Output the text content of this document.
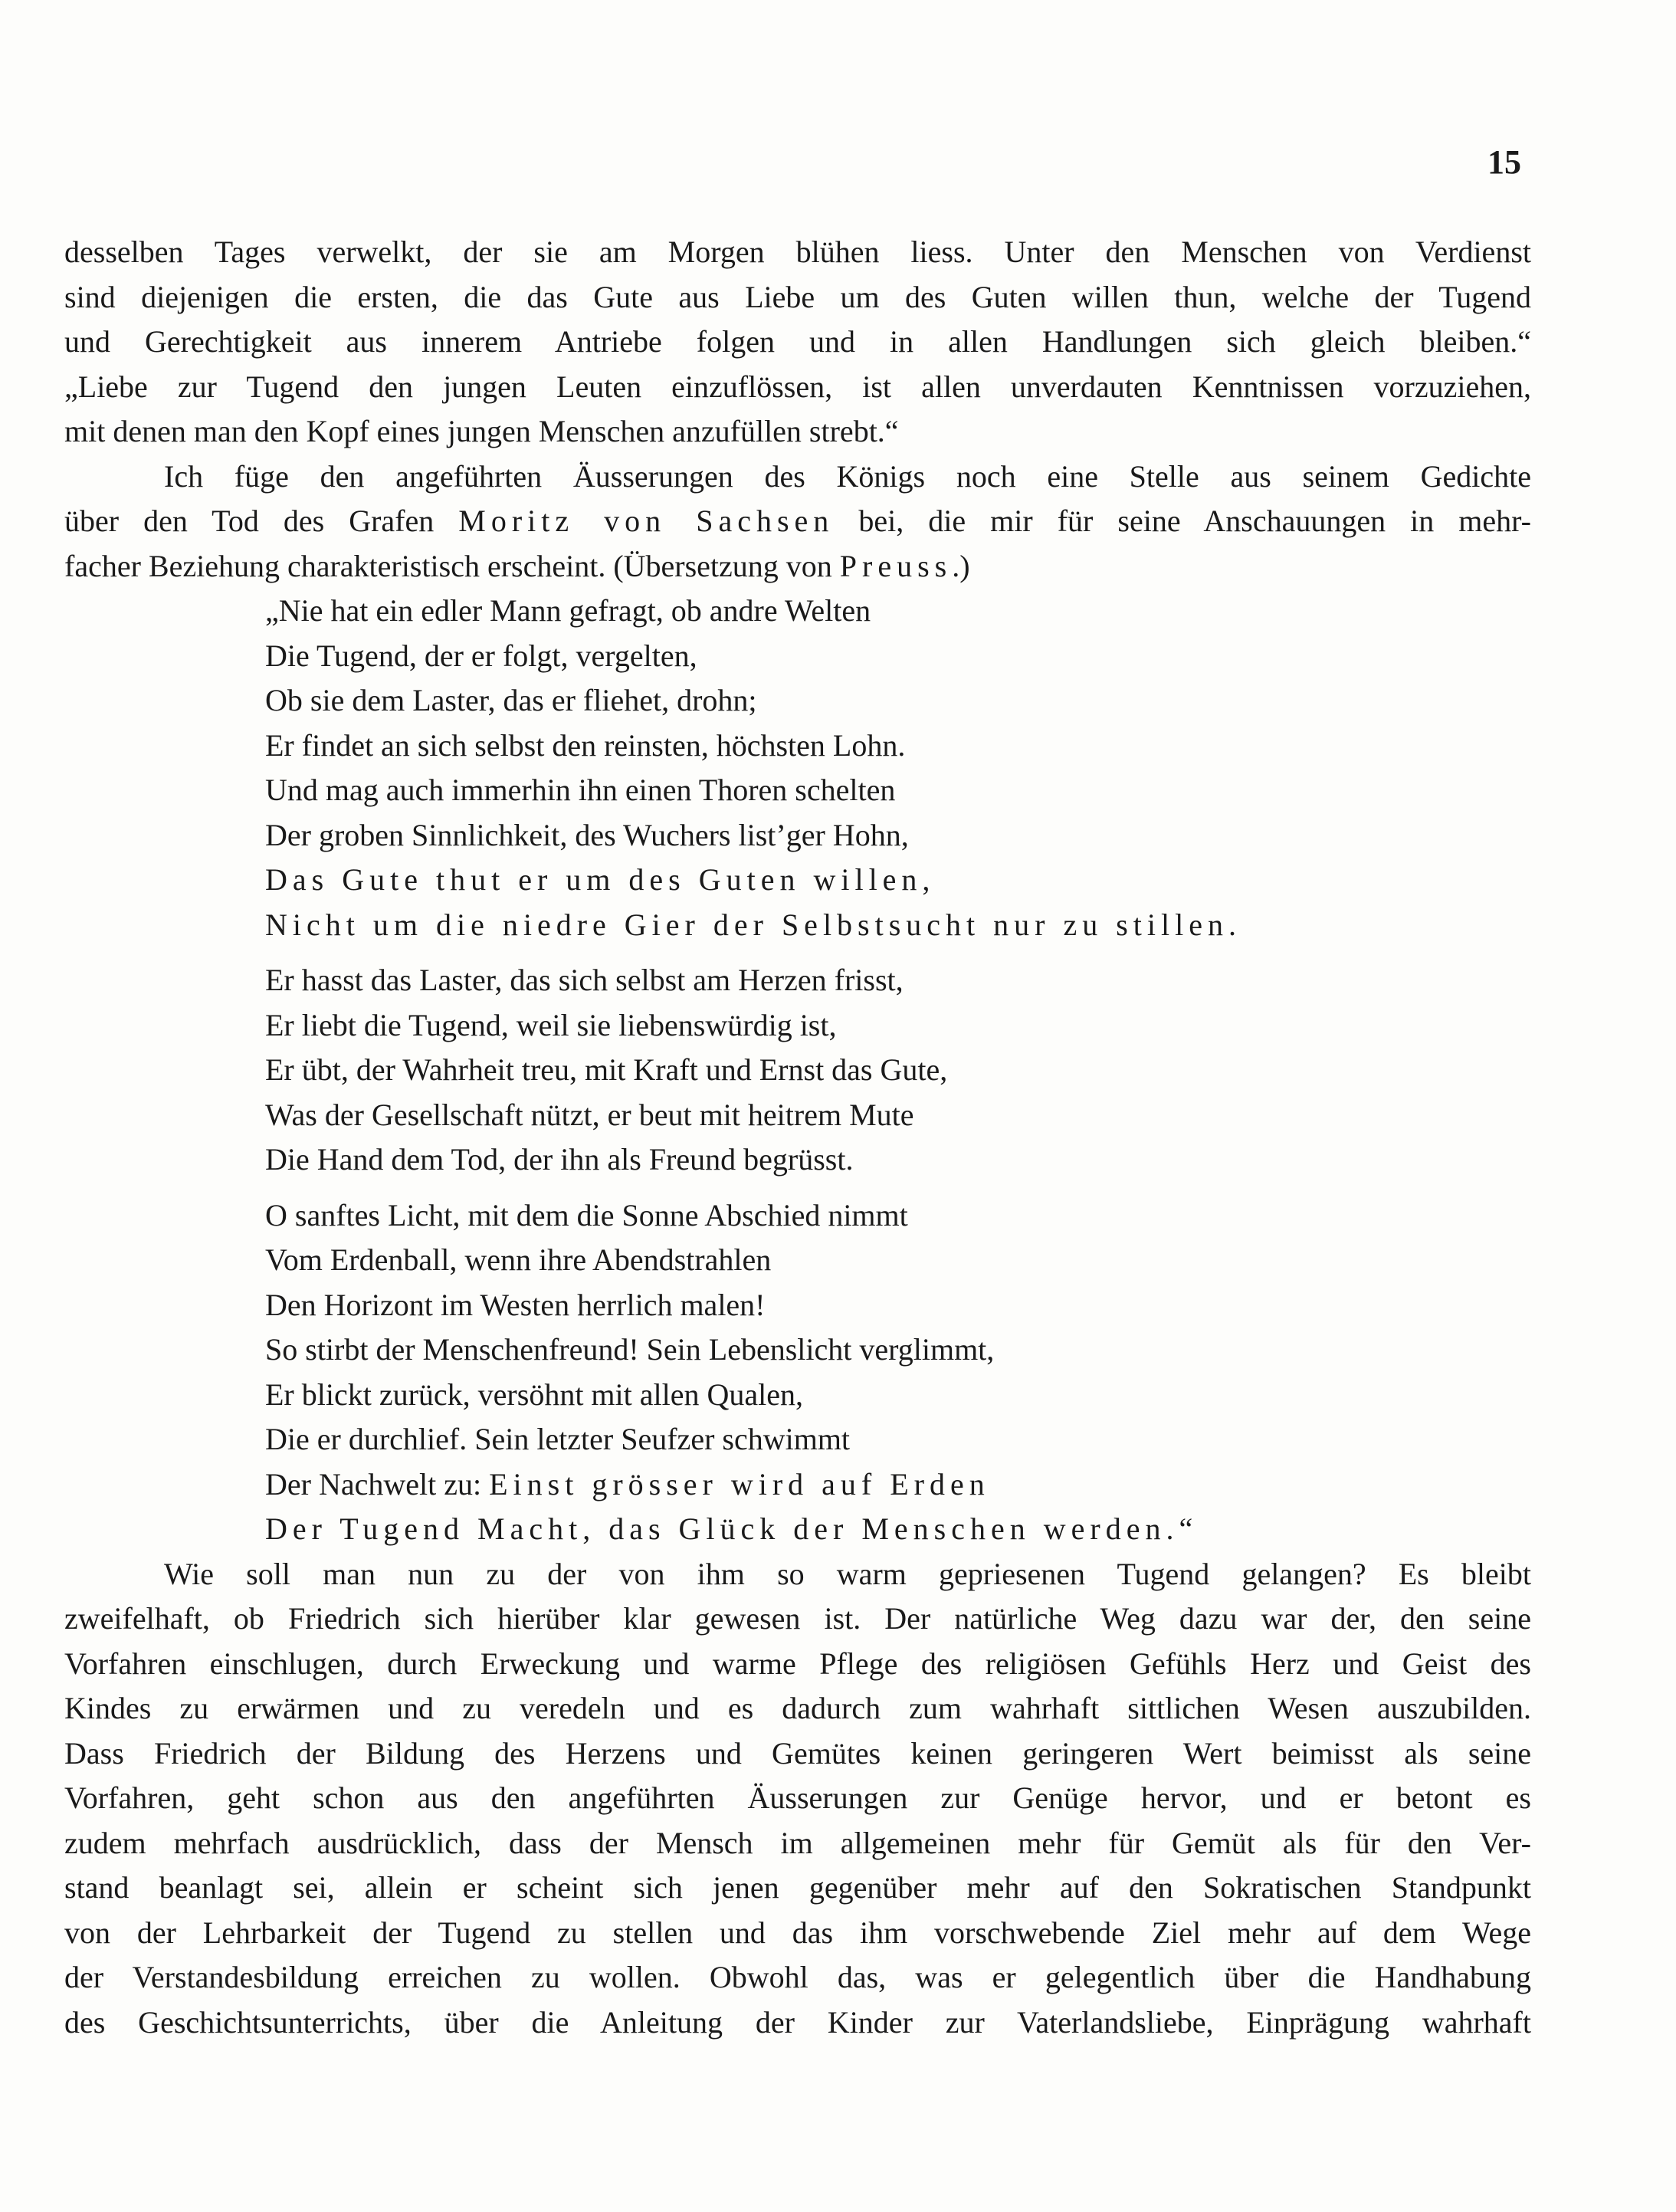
15
desselben Tages verwelkt, der sie am Morgen blühen liess. Unter den Menschen von Verdienst
sind diejenigen die ersten, die das Gute aus Liebe um des Guten willen thun, welche der Tugend
und Gerechtigkeit aus innerem Antriebe folgen und in allen Handlungen sich gleich bleiben.“
„Liebe zur Tugend den jungen Leuten einzuflössen, ist allen unverdauten Kenntnissen vorzuziehen,
mit denen man den Kopf eines jungen Menschen anzufüllen strebt.“
Ich füge den angeführten Äusserungen des Königs noch eine Stelle aus seinem Gedichte
über den Tod des Grafen Moritz von Sachsen bei, die mir für seine Anschauungen in mehr-
facher Beziehung charakteristisch erscheint. (Übersetzung von Preuss.)
„Nie hat ein edler Mann gefragt, ob andre Welten
Die Tugend, der er folgt, vergelten,
Ob sie dem Laster, das er fliehet, drohn;
Er findet an sich selbst den reinsten, höchsten Lohn.
Und mag auch immerhin ihn einen Thoren schelten
Der groben Sinnlichkeit, des Wuchers list’ger Hohn,
Das Gute thut er um des Guten willen,
Nicht um die niedre Gier der Selbstsucht nur zu stillen.
Er hasst das Laster, das sich selbst am Herzen frisst,
Er liebt die Tugend, weil sie liebenswürdig ist,
Er übt, der Wahrheit treu, mit Kraft und Ernst das Gute,
Was der Gesellschaft nützt, er beut mit heitrem Mute
Die Hand dem Tod, der ihn als Freund begrüsst.
O sanftes Licht, mit dem die Sonne Abschied nimmt
Vom Erdenball, wenn ihre Abendstrahlen
Den Horizont im Westen herrlich malen!
So stirbt der Menschenfreund! Sein Lebenslicht verglimmt,
Er blickt zurück, versöhnt mit allen Qualen,
Die er durchlief. Sein letzter Seufzer schwimmt
Der Nachwelt zu: Einst grösser wird auf Erden
Der Tugend Macht, das Glück der Menschen werden.“
Wie soll man nun zu der von ihm so warm gepriesenen Tugend gelangen? Es bleibt
zweifelhaft, ob Friedrich sich hierüber klar gewesen ist. Der natürliche Weg dazu war der, den seine
Vorfahren einschlugen, durch Erweckung und warme Pflege des religiösen Gefühls Herz und Geist des
Kindes zu erwärmen und zu veredeln und es dadurch zum wahrhaft sittlichen Wesen auszubilden.
Dass Friedrich der Bildung des Herzens und Gemütes keinen geringeren Wert beimisst als seine
Vorfahren, geht schon aus den angeführten Äusserungen zur Genüge hervor, und er betont es
zudem mehrfach ausdrücklich, dass der Mensch im allgemeinen mehr für Gemüt als für den Ver-
stand beanlagt sei, allein er scheint sich jenen gegenüber mehr auf den Sokratischen Standpunkt
von der Lehrbarkeit der Tugend zu stellen und das ihm vorschwebende Ziel mehr auf dem Wege
der Verstandesbildung erreichen zu wollen. Obwohl das, was er gelegentlich über die Handhabung
des Geschichtsunterrichts, über die Anleitung der Kinder zur Vaterlandsliebe, Einprägung wahrhaft
